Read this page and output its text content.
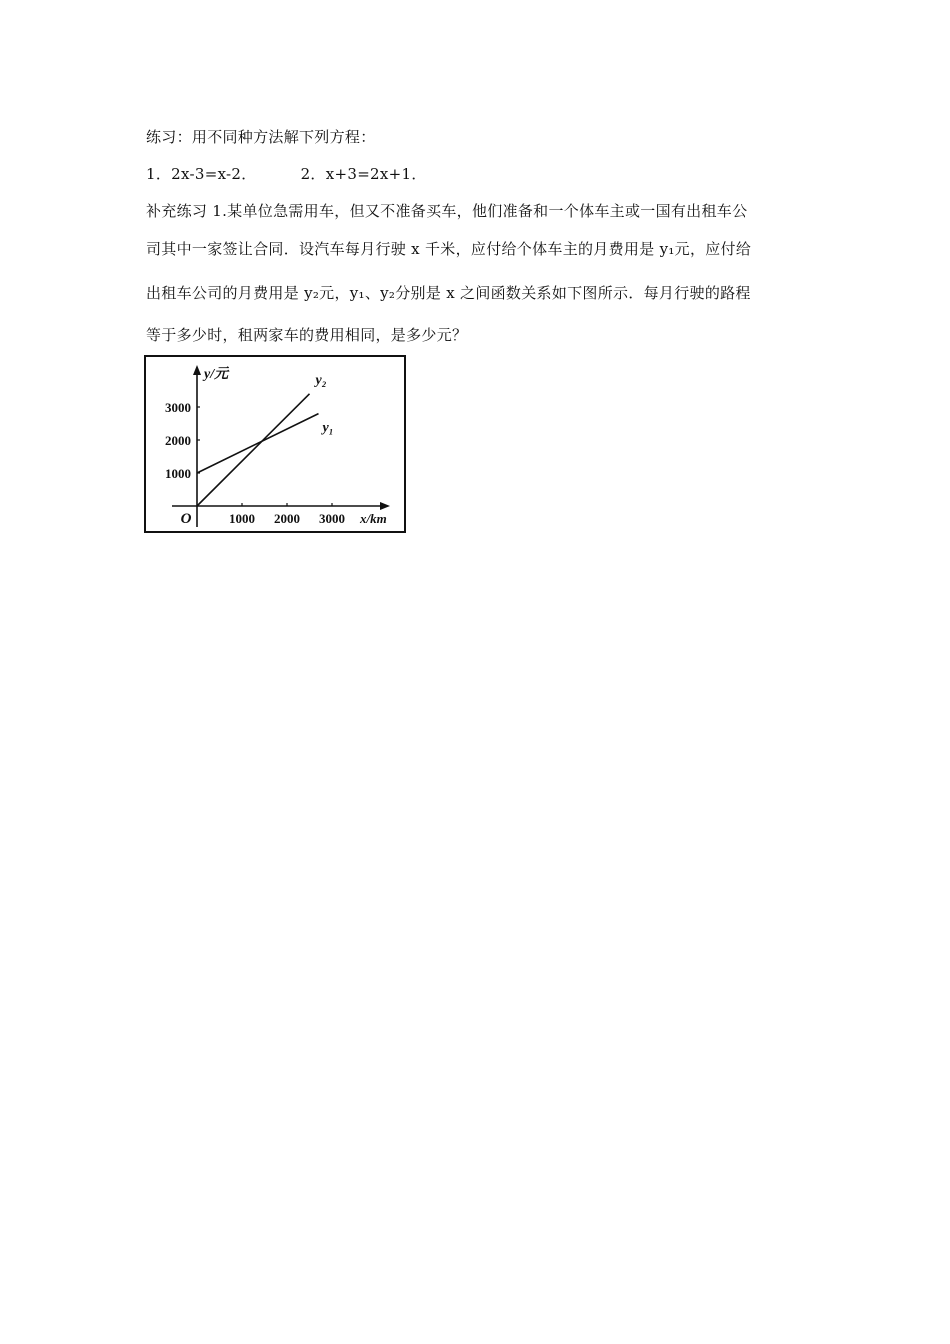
练习：用不同种方法解下列方程：
1．2x-3=x-2．	2．x+3=2x+1．
补充练习 1.某单位急需用车，但又不准备买车，他们准备和一个体车主或一国有出租车公
司其中一家签让合同．设汽车每月行驶 x 千米，应付给个体车主的月费用是 y₁元，应付给
出租车公司的月费用是 y₂元，y₁、y₂分别是 x 之间函数关系如下图所示．每月行驶的路程
等于多少时，租两家车的费用相同，是多少元？
1000 2000 3000
1000
2000
3000
y₂
y₁
y/元
x/km
O
